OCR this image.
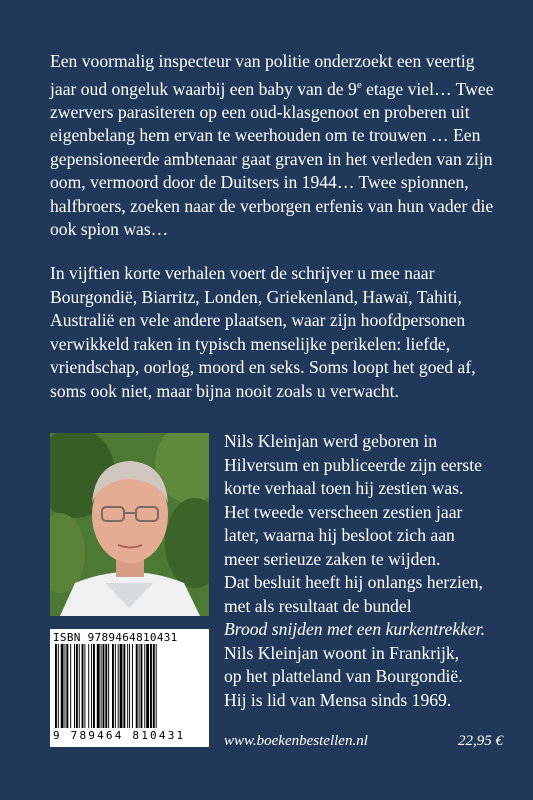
Een voormalig inspecteur van politie onderzoekt een veertig jaar oud ongeluk waarbij een baby van de 9e etage viel… Twee zwervers parasiteren op een oud-klasgenoot en proberen uit eigenbelang hem ervan te weerhouden om te trouwen … Een gepensioneerde ambtenaar gaat graven in het verleden van zijn oom, vermoord door de Duitsers in 1944… Twee spionnen, halfbroers, zoeken naar de verborgen erfenis van hun vader die ook spion was…

In vijftien korte verhalen voert de schrijver u mee naar Bourgondië, Biarritz, Londen, Griekenland, Hawaï, Tahiti, Australië en vele andere plaatsen, waar zijn hoofdpersonen verwikkeld raken in typisch menselijke perikelen: liefde, vriendschap, oorlog, moord en seks. Soms loopt het goed af, soms ook niet, maar bijna nooit zoals u verwacht.

Nils Kleinjan werd geboren in
Hilversum en publiceerde zijn eerste
korte verhaal toen hij zestien was.
Het tweede verscheen zestien jaar
later, waarna hij besloot zich aan
meer serieuze zaken te wijden.
Dat besluit heeft hij onlangs herzien,
met als resultaat de bundel
Brood snijden met een kurkentrekker.
Nils Kleinjan woont in Frankrijk,
op het platteland van Bourgondië.
Hij is lid van Mensa sinds 1969.
ISBN 9789464810431
9 789464 810431	www.boekenbestellen.nl	22,95 €
